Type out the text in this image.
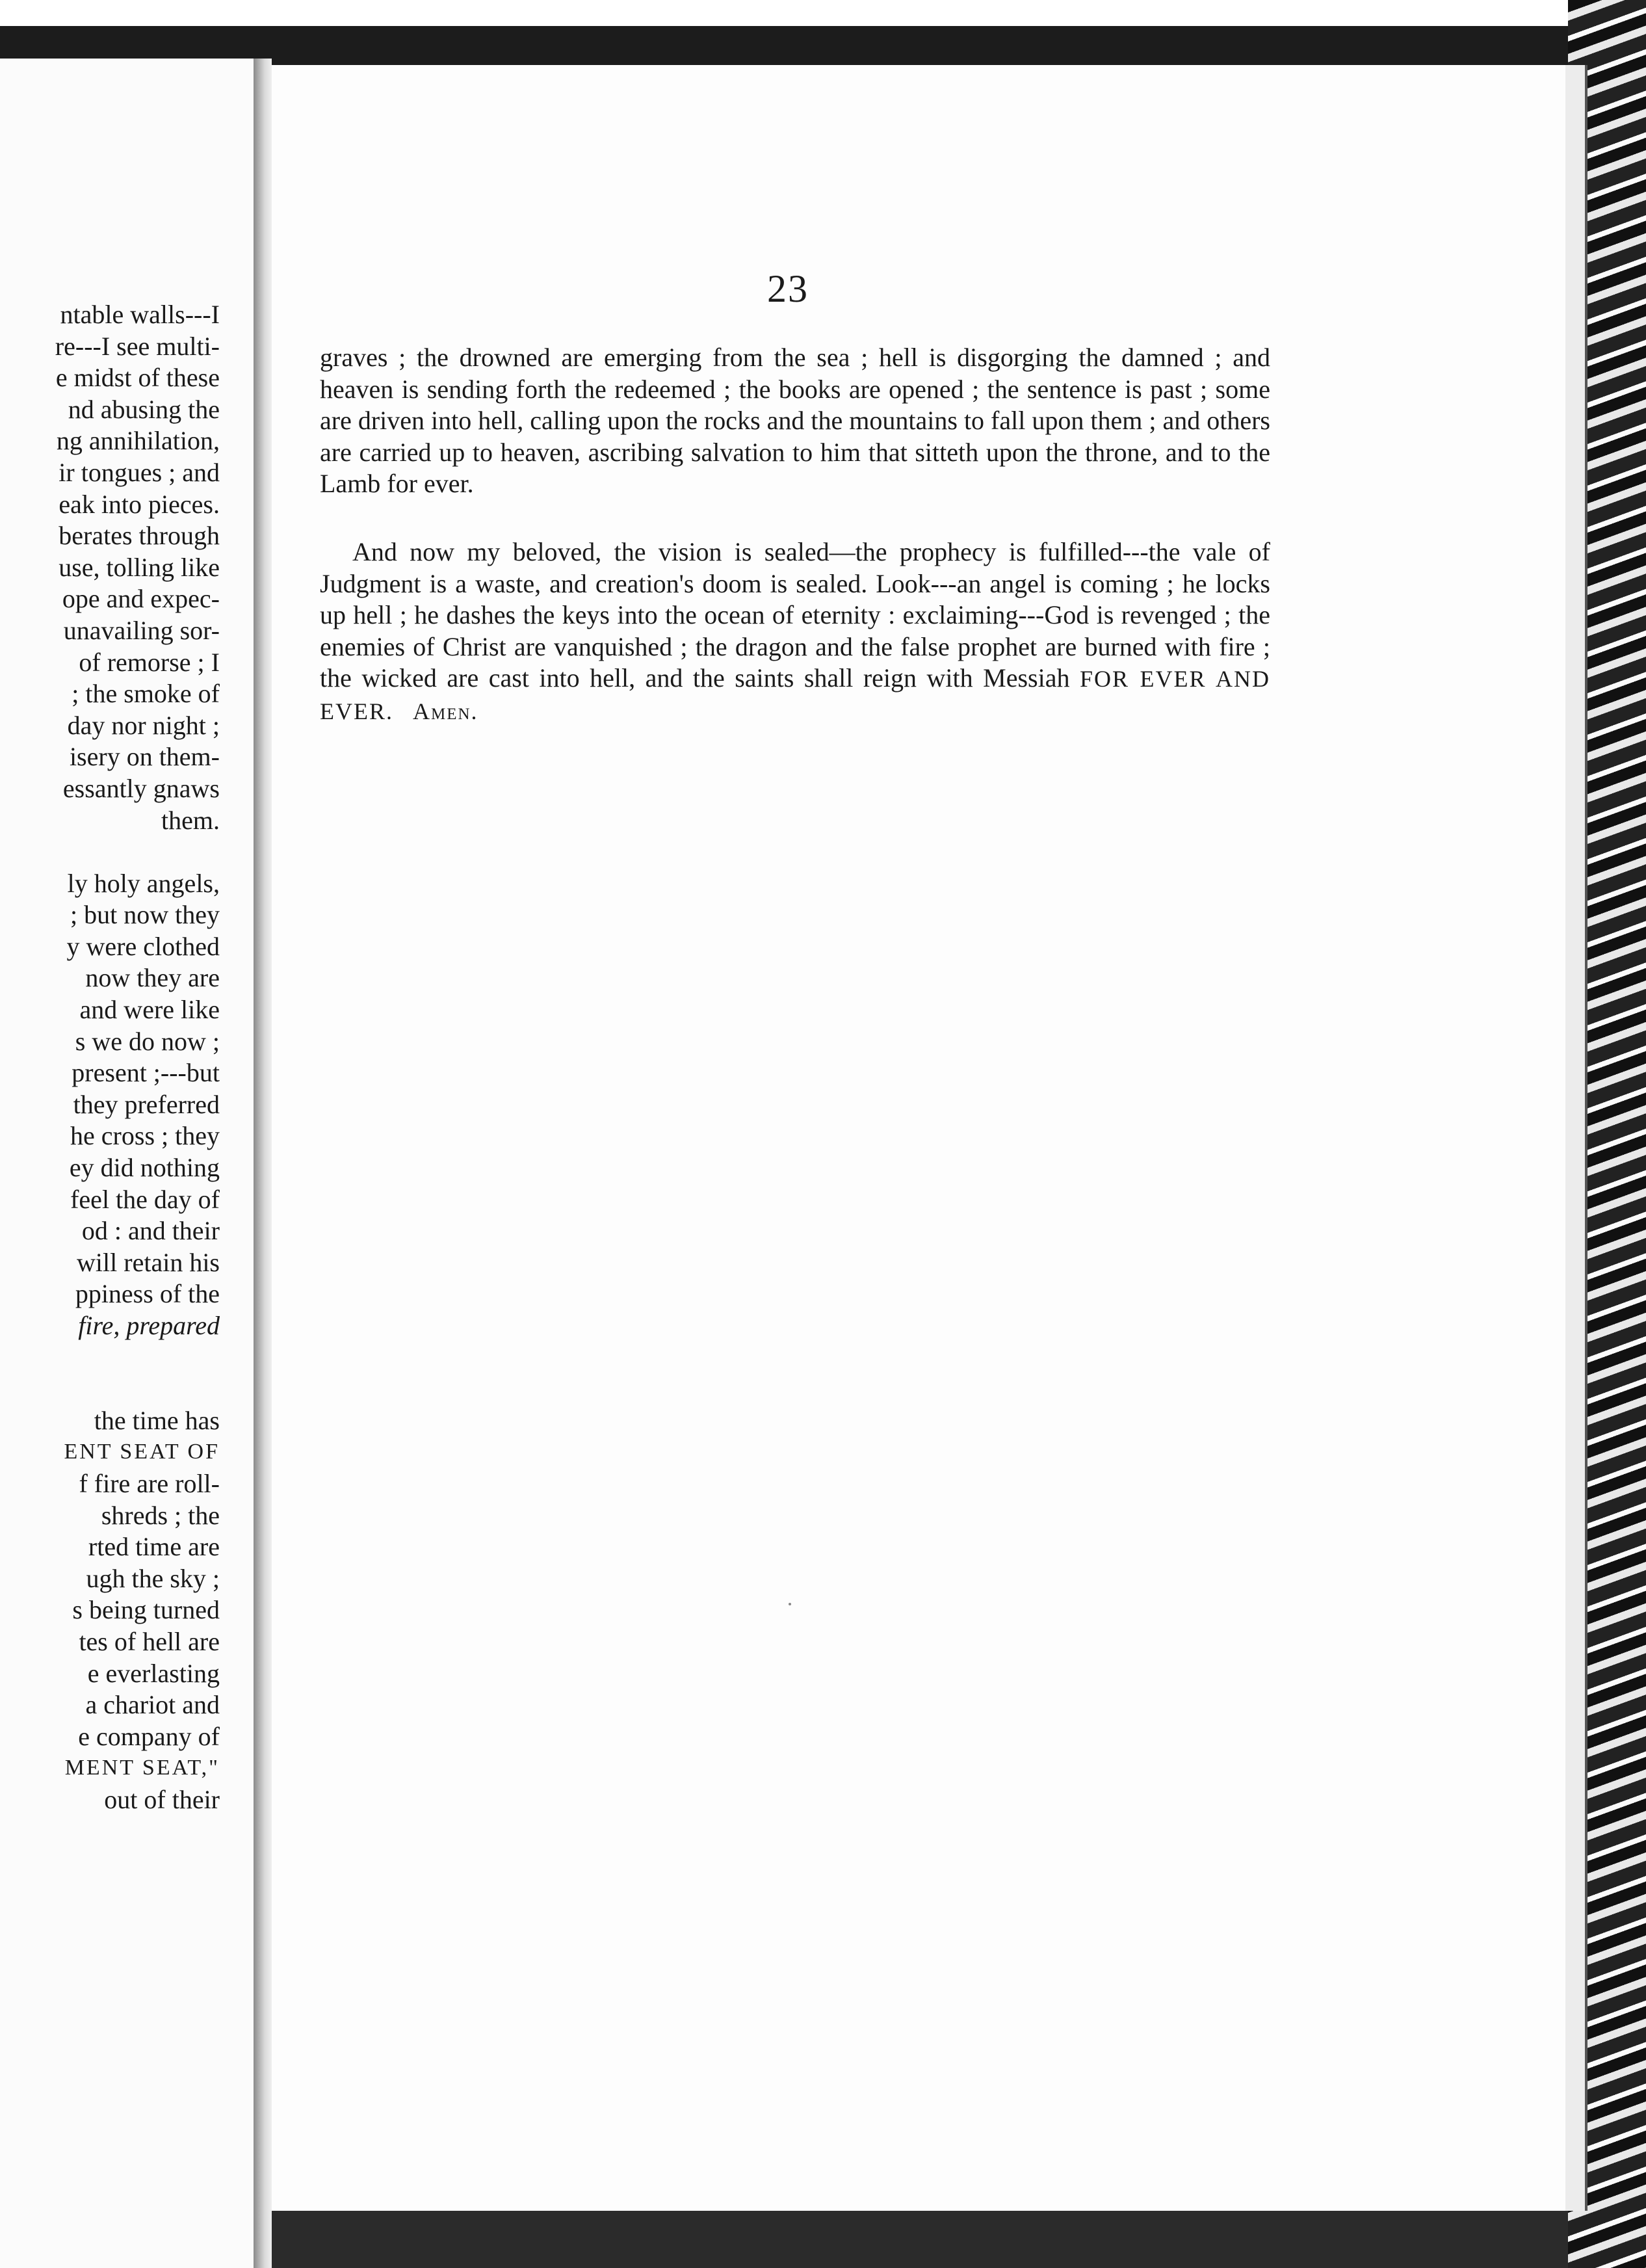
ntable walls---I
re---I see multi-
e midst of these
nd abusing the
ng annihilation,
ir tongues ; and
eak into pieces.
berates through
use, tolling like
ope and expec-
unavailing sor-
of remorse ; I
; the smoke of
day nor night ;
isery on them-
essantly gnaws
them.

ly holy angels,
; but now they
y were clothed
now they are
and were like
s we do now ;
present ;---but
they preferred
he cross ; they
ey did nothing
feel the day of
od : and their
will retain his
ppiness of the
fire, prepared

the time has
ENT SEAT OF
f fire are roll-
shreds ; the
rted time are
ugh the sky ;
s being turned
tes of hell are
e everlasting
a chariot and
e company of
MENT SEAT,"
out of their
23

graves ; the drowned are emerging from the sea ; hell is disgorging the damned ; and heaven is sending forth the redeemed ; the books are opened ; the sentence is past ; some are driven into hell, calling upon the rocks and the mountains to fall upon them ; and others are carried up to heaven, ascribing salvation to him that sitteth upon the throne, and to the Lamb for ever.

And now my beloved, the vision is sealed—the prophecy is fulfilled---the vale of Judgment is a waste, and creation's doom is sealed. Look---an angel is coming ; he locks up hell ; he dashes the keys into the ocean of eternity : exclaiming---God is revenged ; the enemies of Christ are vanquished ; the dragon and the false prophet are burned with fire ; the wicked are cast into hell, and the saints shall reign with Messiah FOR EVER AND EVER. Amen.
